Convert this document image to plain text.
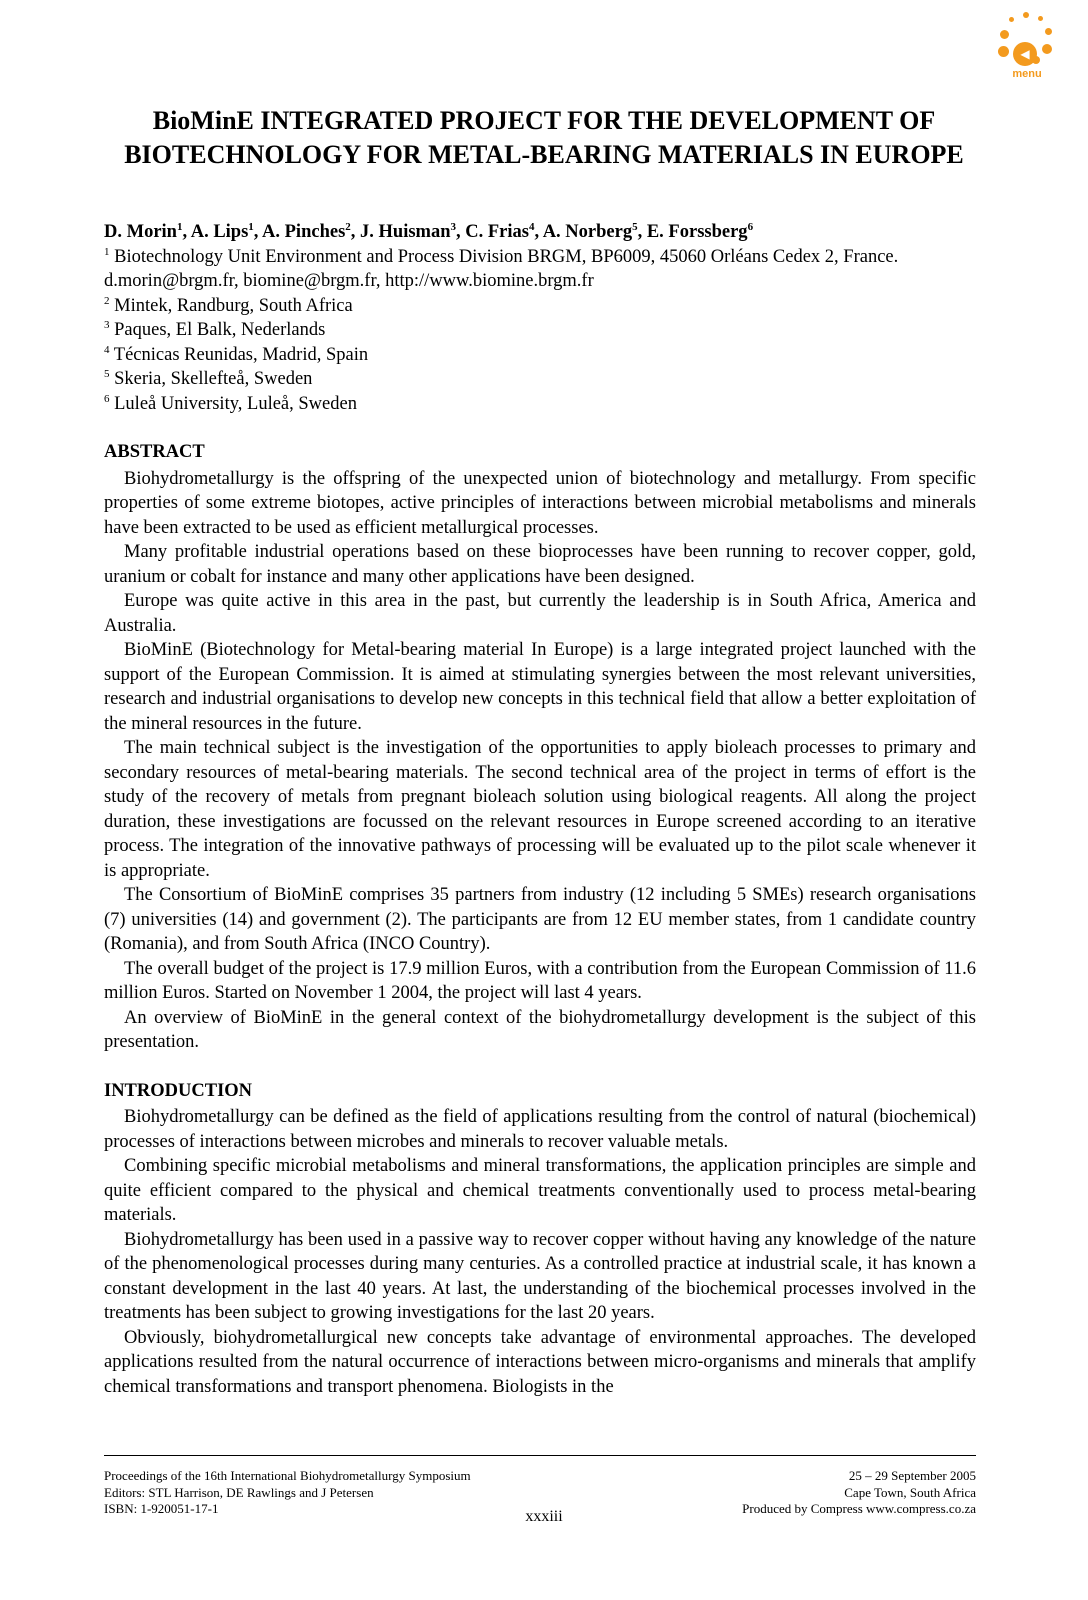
◀
menu
BioMinE INTEGRATED PROJECT FOR THE DEVELOPMENT OF
BIOTECHNOLOGY FOR METAL-BEARING MATERIALS IN EUROPE
D. Morin$^1$, A. Lips$^1$, A. Pinches$^2$, J. Huisman$^3$, C. Frias$^4$, A. Norberg$^5$, E. Forssberg$^6$
$^1$ Biotechnology Unit Environment and Process Division BRGM, BP6009, 45060 Orléans Cedex 2, France. d.morin@brgm.fr, biomine@brgm.fr, http://www.biomine.brgm.fr
$^2$ Mintek, Randburg, South Africa
$^3$ Paques, El Balk, Nederlands
$^4$ Técnicas Reunidas, Madrid, Spain
$^5$ Skeria, Skellefteå, Sweden
$^6$ Luleå University, Luleå, Sweden
ABSTRACT

Biohydrometallurgy is the offspring of the unexpected union of biotechnology and metallurgy. From specific properties of some extreme biotopes, active principles of interactions between microbial metabolisms and minerals have been extracted to be used as efficient metallurgical processes.

Many profitable industrial operations based on these bioprocesses have been running to recover copper, gold, uranium or cobalt for instance and many other applications have been designed.

Europe was quite active in this area in the past, but currently the leadership is in South Africa, America and Australia.

BioMinE (Biotechnology for Metal-bearing material In Europe) is a large integrated project launched with the support of the European Commission. It is aimed at stimulating synergies between the most relevant universities, research and industrial organisations to develop new concepts in this technical field that allow a better exploitation of the mineral resources in the future.

The main technical subject is the investigation of the opportunities to apply bioleach processes to primary and secondary resources of metal-bearing materials. The second technical area of the project in terms of effort is the study of the recovery of metals from pregnant bioleach solution using biological reagents. All along the project duration, these investigations are focussed on the relevant resources in Europe screened according to an iterative process. The integration of the innovative pathways of processing will be evaluated up to the pilot scale whenever it is appropriate.

The Consortium of BioMinE comprises 35 partners from industry (12 including 5 SMEs) research organisations (7) universities (14) and government (2). The participants are from 12 EU member states, from 1 candidate country (Romania), and from South Africa (INCO Country).

The overall budget of the project is 17.9 million Euros, with a contribution from the European Commission of 11.6 million Euros. Started on November 1 2004, the project will last 4 years.

An overview of BioMinE in the general context of the biohydrometallurgy development is the subject of this presentation.

INTRODUCTION

Biohydrometallurgy can be defined as the field of applications resulting from the control of natural (biochemical) processes of interactions between microbes and minerals to recover valuable metals.

Combining specific microbial metabolisms and mineral transformations, the application principles are simple and quite efficient compared to the physical and chemical treatments conventionally used to process metal-bearing materials.

Biohydrometallurgy has been used in a passive way to recover copper without having any knowledge of the nature of the phenomenological processes during many centuries. As a controlled practice at industrial scale, it has known a constant development in the last 40 years. At last, the understanding of the biochemical processes involved in the treatments has been subject to growing investigations for the last 20 years.

Obviously, biohydrometallurgical new concepts take advantage of environmental approaches. The developed applications resulted from the natural occurrence of interactions between micro-organisms and minerals that amplify chemical transformations and transport phenomena. Biologists in the

Proceedings of the 16th International Biohydrometallurgy Symposium
Editors: STL Harrison, DE Rawlings and J Petersen
ISBN: 1-920051-17-1
25 – 29 September 2005
Cape Town, South Africa
Produced by Compress www.compress.co.za
xxxiii
